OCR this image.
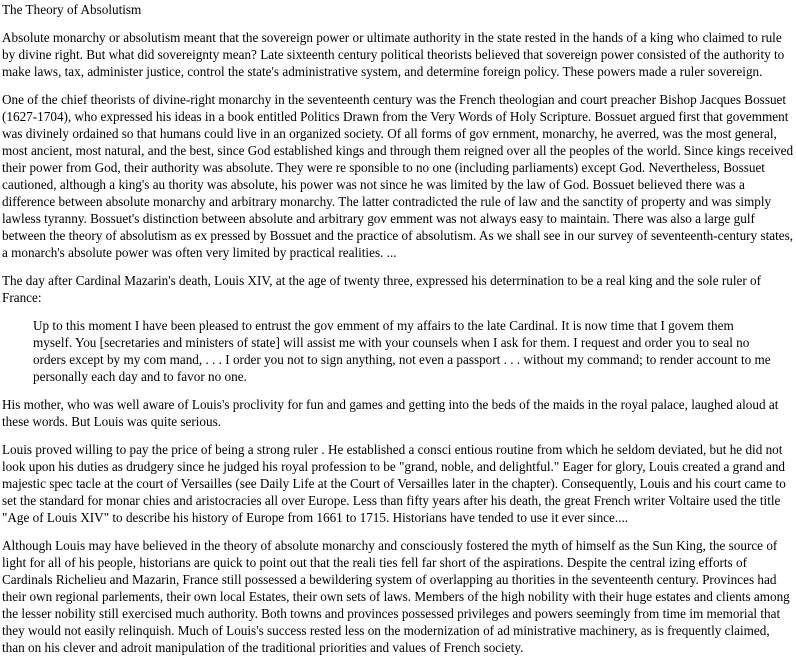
The Theory of Absolutism

Absolute monarchy or absolutism meant that the sovereign power or ultimate authority in the state rested in the hands of a king who claimed to rule by divine right. But what did sovereignty mean? Late sixteenth century political theorists believed that sovereign power consisted of the authority to make laws, tax, administer justice, control the state's administrative system, and determine foreign policy. These powers made a ruler sovereign.

One of the chief theorists of divine-right monarchy in the seventeenth century was the French theologian and court preacher Bishop Jacques Bossuet (1627-1704), who expressed his ideas in a book entitled Politics Drawn from the Very Words of Holy Scripture. Bossuet argued first that govemment was divinely ordained so that humans could live in an organized society. Of all forms of gov ernment, monarchy, he averred, was the most general, most ancient, most natural, and the best, since God established kings and through them reigned over all the peoples of the world. Since kings received their power from God, their authority was absolute. They were re sponsible to no one (including parliaments) except God. Nevertheless, Bossuet cautioned, although a king's au thority was absolute, his power was not since he was limited by the law of God. Bossuet believed there was a difference between absolute monarchy and arbitrary monarchy. The latter contradicted the rule of law and the sanctity of property and was simply lawless tyranny. Bossuet's distinction between absolute and arbitrary gov emment was not always easy to maintain. There was also a large gulf between the theory of absolutism as ex pressed by Bossuet and the practice of absolutism. As we shall see in our survey of seventeenth-century states, a monarch's absolute power was often very limited by practical realities. ...

The day after Cardinal Mazarin's death, Louis XIV, at the age of twenty three, expressed his deterrnination to be a real king and the sole ruler of France:

Up to this moment I have been pleased to entrust the gov emment of my affairs to the late Cardinal. It is now time that I govem them myself. You [secretaries and ministers of state] will assist me with your counsels when I ask for them. I request and order you to seal no orders except by my com mand, . . . I order you not to sign anything, not even a passport . . . without my command; to render account to me personally each day and to favor no one.

His mother, who was well aware of Louis's proclivity for fun and games and getting into the beds of the maids in the royal palace, laughed aloud at these words. But Louis was quite serious.

Louis proved willing to pay the price of being a strong ruler . He established a consci entious routine from which he seldom deviated, but he did not look upon his duties as drudgery since he judged his royal profession to be "grand, noble, and delightful." Eager for glory, Louis created a grand and majestic spec tacle at the court of Versailles (see Daily Life at the Court of Versailles later in the chapter). Consequently, Louis and his court came to set the standard for monar chies and aristocracies all over Europe. Less than fifty years after his death, the great French writer Voltaire used the title "Age of Louis XIV" to describe his history of Europe from 1661 to 1715. Historians have tended to use it ever since....

Although Louis may have believed in the theory of absolute monarchy and consciously fostered the myth of himself as the Sun King, the source of light for all of his people, historians are quick to point out that the reali ties fell far short of the aspirations. Despite the central izing efforts of Cardinals Richelieu and Mazarin, France still possessed a bewildering system of overlapping au thorities in the seventeenth century. Provinces had their own regional parlements, their own local Estates, their own sets of laws. Members of the high nobility with their huge estates and clients among the lesser nobility still exercised much authority. Both towns and provinces possessed privileges and powers seemingly from time im memorial that they would not easily relinquish. Much of Louis's success rested less on the modernization of ad ministrative machinery, as is frequently claimed, than on his clever and adroit manipulation of the traditional priorities and values of French society.
